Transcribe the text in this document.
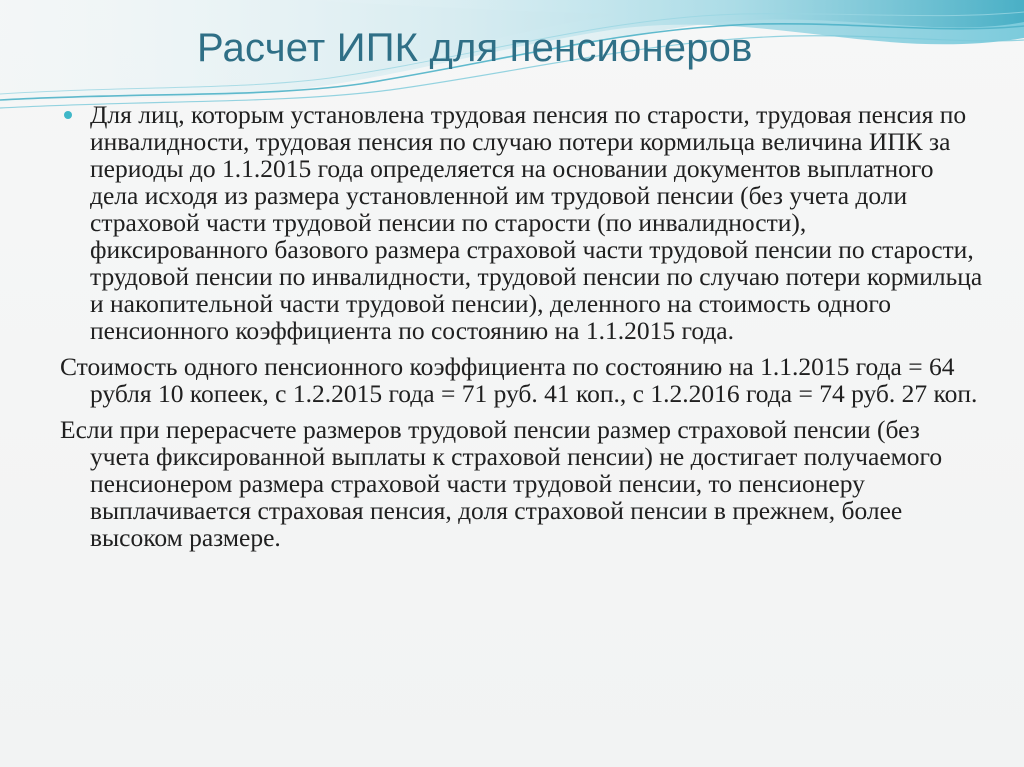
Расчет ИПК для пенсионеров

Для лиц, которым установлена трудовая пенсия по старости, трудовая пенсия по инвалидности, трудовая пенсия по случаю потери кормильца величина ИПК за периоды до 1.1.2015 года определяется на основании документов выплатного дела исходя из размера установленной им трудовой пенсии (без учета доли страховой части трудовой пенсии по старости (по инвалидности), фиксированного базового размера страховой части трудовой пенсии по старости, трудовой пенсии по инвалидности, трудовой пенсии по случаю потери кормильца и накопительной части трудовой пенсии), деленного на стоимость одного пенсионного коэффициента по состоянию на 1.1.2015 года.

Стоимость одного пенсионного коэффициента по состоянию на 1.1.2015 года = 64 рубля 10 копеек, с 1.2.2015 года = 71 руб. 41 коп., с 1.2.2016 года = 74 руб. 27 коп.

Если при перерасчете размеров трудовой пенсии размер страховой пенсии (без учета фиксированной выплаты к страховой пенсии) не достигает получаемого пенсионером размера страховой части трудовой пенсии, то пенсионеру выплачивается страховая пенсия, доля страховой пенсии в прежнем, более высоком размере.
